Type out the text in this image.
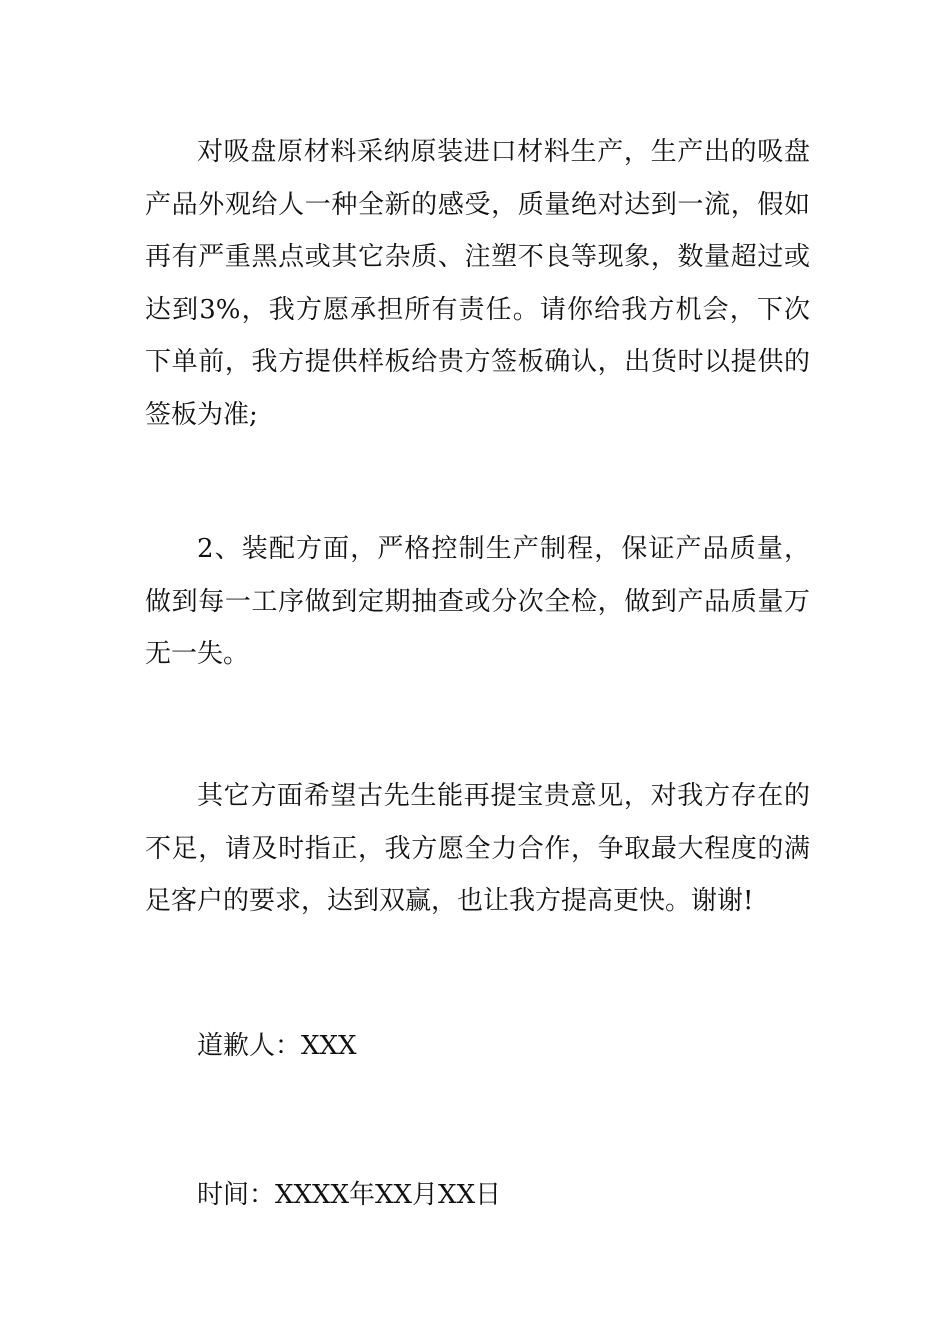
对吸盘原材料采纳原装进口材料生产，生产出的吸盘产品外观给人一种全新的感受，质量绝对达到一流，假如再有严重黑点或其它杂质、注塑不良等现象，数量超过或达到3%，我方愿承担所有责任。请你给我方机会，下次下单前，我方提供样板给贵方签板确认，出货时以提供的签板为准;

2、装配方面，严格控制生产制程，保证产品质量，做到每一工序做到定期抽查或分次全检，做到产品质量万无一失。

其它方面希望古先生能再提宝贵意见，对我方存在的不足，请及时指正，我方愿全力合作，争取最大程度的满足客户的要求，达到双赢，也让我方提高更快。谢谢!

道歉人：XXX

时间：XXXX年XX月XX日
